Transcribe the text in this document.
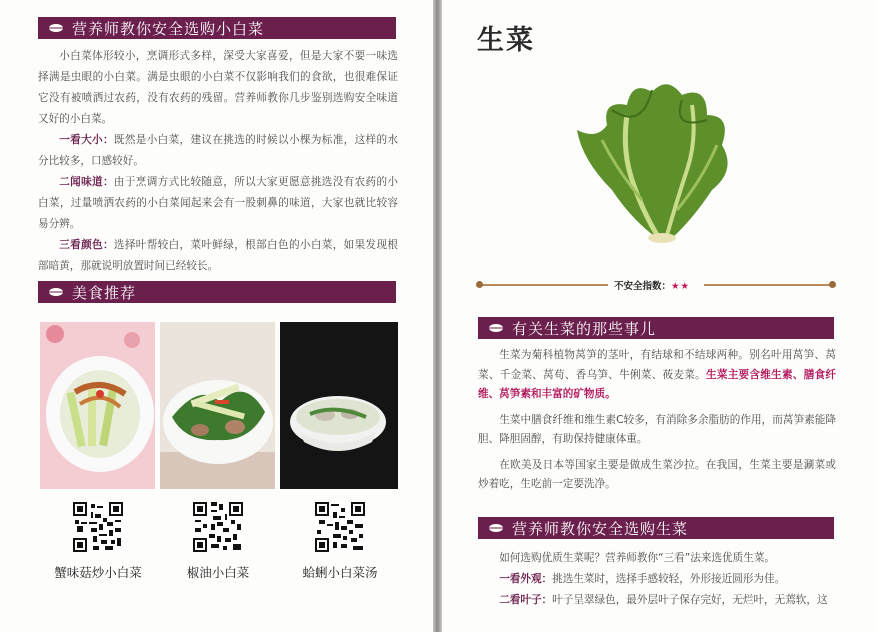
营养师教你安全选购小白菜

小白菜体形较小，烹调形式多样，深受大家喜爱，但是大家不要一味选择满是虫眼的小白菜。满是虫眼的小白菜不仅影响我们的食欲，也很难保证它没有被喷洒过农药，没有农药的残留。营养师教你几步鉴别选购安全味道又好的小白菜。

一看大小：既然是小白菜，建议在挑选的时候以小棵为标准，这样的水分比较多，口感较好。

二闻味道：由于烹调方式比较随意，所以大家更愿意挑选没有农药的小白菜，过量喷洒农药的小白菜闻起来会有一股刺鼻的味道，大家也就比较容易分辨。

三看颜色：选择叶帮较白，菜叶鲜绿，根部白色的小白菜，如果发现根部暗黄，那就说明放置时间已经较长。

美食推荐
蟹味菇炒小白菜	椒油小白菜	蛤蜊小白菜汤
生菜
不安全指数：★★
有关生菜的那些事儿

生菜为菊科植物莴笋的茎叶，有结球和不结球两种。别名叶用莴笋、莴菜、千金菜、莴苟、香乌笋、牛俐菜、莜麦菜。生菜主要含维生素、膳食纤维、莴笋素和丰富的矿物质。

生菜中膳食纤维和维生素C较多，有消除多余脂肪的作用，而莴笋素能降胆、降胆固醇，有助保持健康体重。

在欧美及日本等国家主要是做成生菜沙拉。在我国，生菜主要是涮菜或炒着吃，生吃前一定要洗净。

营养师教你安全选购生菜

如何选购优质生菜呢？营养师教你“三看”法来选优质生菜。

一看外观：挑选生菜时，选择手感较轻，外形接近圆形为佳。

二看叶子：叶子呈翠绿色，最外层叶子保存完好，无烂叶，无蔫软，这
